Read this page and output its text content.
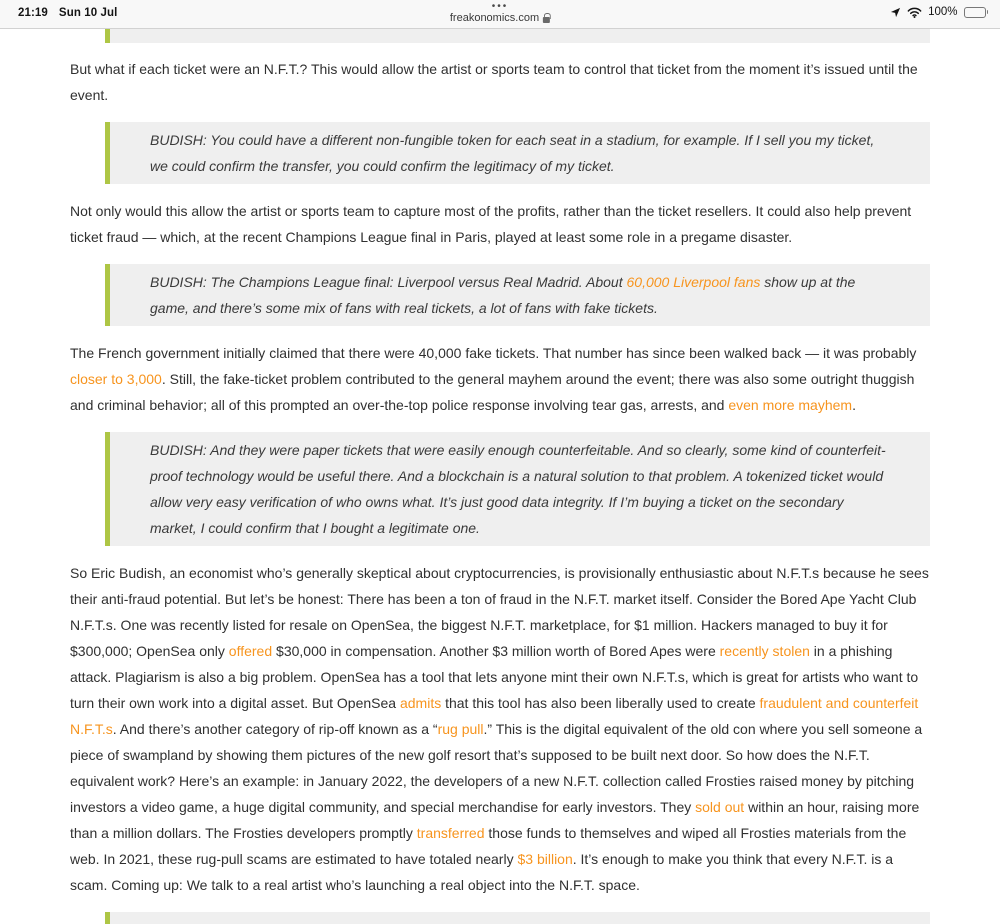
21:19 Sun 10 Jul
•••
freakonomics.com	100%

But what if each ticket were an N.F.T.? This would allow the artist or sports team to control that ticket from the moment it’s issued until the event.

BUDISH: You could have a different non-fungible token for each seat in a stadium, for example. If I sell you my ticket, we could confirm the transfer, you could confirm the legitimacy of my ticket.

Not only would this allow the artist or sports team to capture most of the profits, rather than the ticket resellers. It could also help prevent ticket fraud — which, at the recent Champions League final in Paris, played at least some role in a pregame disaster.

BUDISH: The Champions League final: Liverpool versus Real Madrid. About 60,000 Liverpool fans show up at the game, and there’s some mix of fans with real tickets, a lot of fans with fake tickets.

The French government initially claimed that there were 40,000 fake tickets. That number has since been walked back — it was probably closer to 3,000. Still, the fake-ticket problem contributed to the general mayhem around the event; there was also some outright thuggish and criminal behavior; all of this prompted an over-the-top police response involving tear gas, arrests, and even more mayhem.

BUDISH: And they were paper tickets that were easily enough counterfeitable. And so clearly, some kind of counterfeit-proof technology would be useful there. And a blockchain is a natural solution to that problem. A tokenized ticket would allow very easy verification of who owns what. It’s just good data integrity. If I’m buying a ticket on the secondary market, I could confirm that I bought a legitimate one.

So Eric Budish, an economist who’s generally skeptical about cryptocurrencies, is provisionally enthusiastic about N.F.T.s because he sees their anti-fraud potential. But let’s be honest: There has been a ton of fraud in the N.F.T. market itself. Consider the Bored Ape Yacht Club N.F.T.s. One was recently listed for resale on OpenSea, the biggest N.F.T. marketplace, for $1 million. Hackers managed to buy it for $300,000; OpenSea only offered $30,000 in compensation. Another $3 million worth of Bored Apes were recently stolen in a phishing attack. Plagiarism is also a big problem. OpenSea has a tool that lets anyone mint their own N.F.T.s, which is great for artists who want to turn their own work into a digital asset. But OpenSea admits that this tool has also been liberally used to create fraudulent and counterfeit N.F.T.s. And there’s another category of rip-off known as a “rug pull.” This is the digital equivalent of the old con where you sell someone a piece of swampland by showing them pictures of the new golf resort that’s supposed to be built next door. So how does the N.F.T. equivalent work? Here’s an example: in January 2022, the developers of a new N.F.T. collection called Frosties raised money by pitching investors a video game, a huge digital community, and special merchandise for early investors. They sold out within an hour, raising more than a million dollars. The Frosties developers promptly transferred those funds to themselves and wiped all Frosties materials from the web. In 2021, these rug-pull scams are estimated to have totaled nearly $3 billion. It’s enough to make you think that every N.F.T. is a scam. Coming up: We talk to a real artist who’s launching a real object into the N.F.T. space.
